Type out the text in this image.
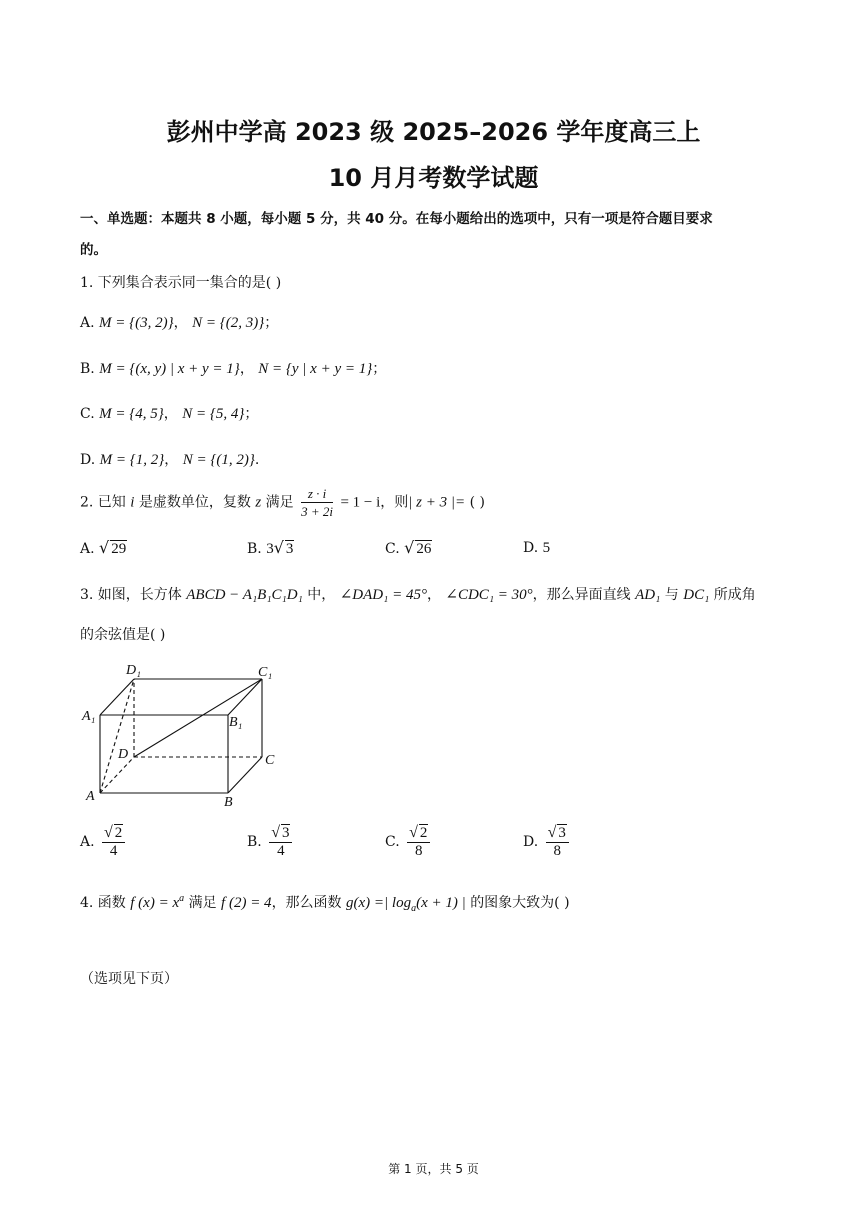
彭州中学高 2023 级 2025–2026 学年度高三上
10 月月考数学试题
一、单选题：本题共 8 小题，每小题 5 分，共 40 分。在每小题给出的选项中，只有一项是符合题目要求
的。
1. 下列集合表示同一集合的是( )
A. M = {(3, 2)}， N = {(2, 3)}；
B. M = {(x, y) | x + y = 1}， N = {y | x + y = 1}；
C. M = {4, 5}， N = {5, 4}；
D. M = {1, 2}， N = {(1, 2)}.
2. 已知 i 是虚数单位，复数 z 满足 $\frac{z \cdot i}{3 + 2i} = 1 - i$，则| z + 3 |= ( )
A. √ 29	B. 3√ 3	C. √ 26	D. 5
3. 如图，长方体 ABCD − A₁B₁C₁D₁ 中， ∠DAD₁ = 45°， ∠CDC₁ = 30°，那么异面直线 AD₁ 与 DC₁ 所成角
的余弦值是( )
D₁	C₁
A₁	B₁
D	C
A	B
A. $\frac{√ 2}{4}$	B. $\frac{√ 3}{4}$	C. $\frac{√ 2}{8}$	D. $\frac{√ 3}{8}$
4. 函数 f $(x) = x^a$ 满足 f (2) = 4，那么函数 g(x) =| $\log_a(x + 1)$ | 的图象大致为( )
（选项见下页）
第 1 页，共 5 页
